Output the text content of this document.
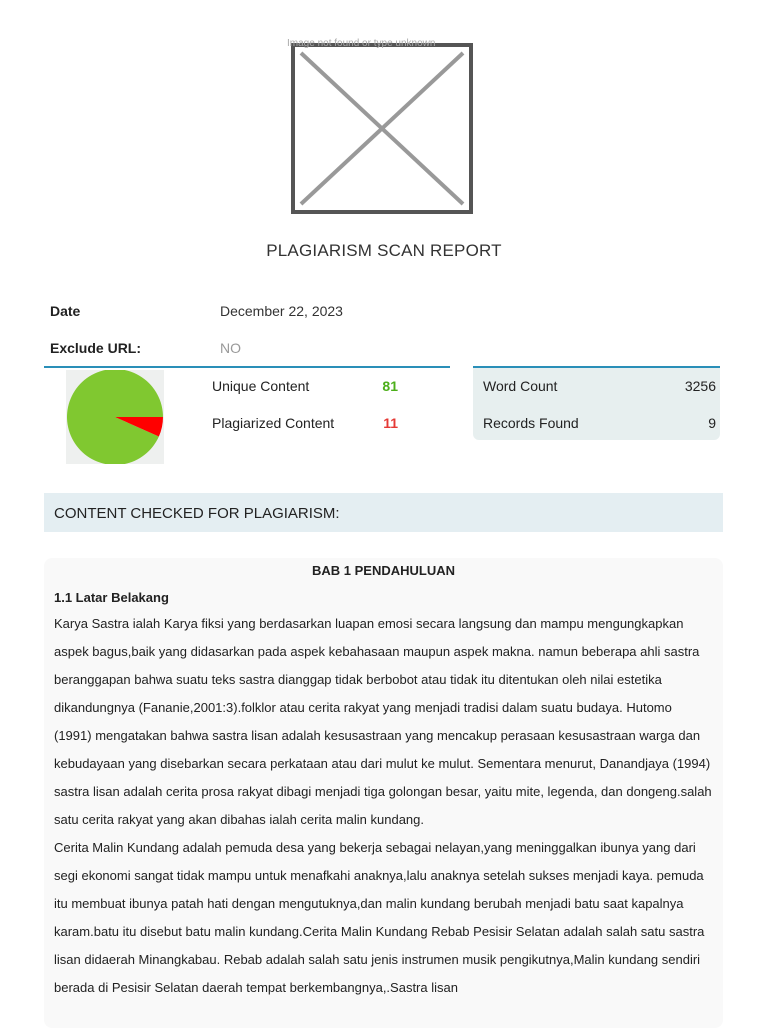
Image not found or type unknown
PLAGIARISM SCAN REPORT
Date	December 22, 2023
Exclude URL:	NO
Unique Content	81
Plagiarized Content	11
Word Count	3256
Records Found	9
CONTENT CHECKED FOR PLAGIARISM:
BAB 1 PENDAHULUAN
1.1 Latar Belakang

Karya Sastra ialah Karya fiksi yang berdasarkan luapan emosi secara langsung dan mampu mengungkapkan aspek bagus,baik yang didasarkan pada aspek kebahasaan maupun aspek makna. namun beberapa ahli sastra beranggapan bahwa suatu teks sastra dianggap tidak berbobot atau tidak itu ditentukan oleh nilai estetika dikandungnya (Fananie,2001:3).folklor atau cerita rakyat yang menjadi tradisi dalam suatu budaya. Hutomo (1991) mengatakan bahwa sastra lisan adalah kesusastraan yang mencakup perasaan kesusastraan warga dan kebudayaan yang disebarkan secara perkataan atau dari mulut ke mulut. Sementara menurut, Danandjaya (1994) sastra lisan adalah cerita prosa rakyat dibagi menjadi tiga golongan besar, yaitu mite, legenda, dan dongeng.salah satu cerita rakyat yang akan dibahas ialah cerita malin kundang.

Cerita Malin Kundang adalah pemuda desa yang bekerja sebagai nelayan,yang meninggalkan ibunya yang dari segi ekonomi sangat tidak mampu untuk menafkahi anaknya,lalu anaknya setelah sukses menjadi kaya. pemuda itu membuat ibunya patah hati dengan mengutuknya,dan malin kundang berubah menjadi batu saat kapalnya karam.batu itu disebut batu malin kundang.Cerita Malin Kundang Rebab Pesisir Selatan adalah salah satu sastra lisan didaerah Minangkabau. Rebab adalah salah satu jenis instrumen musik pengikutnya,Malin kundang sendiri berada di Pesisir Selatan daerah tempat berkembangnya,.Sastra lisan
